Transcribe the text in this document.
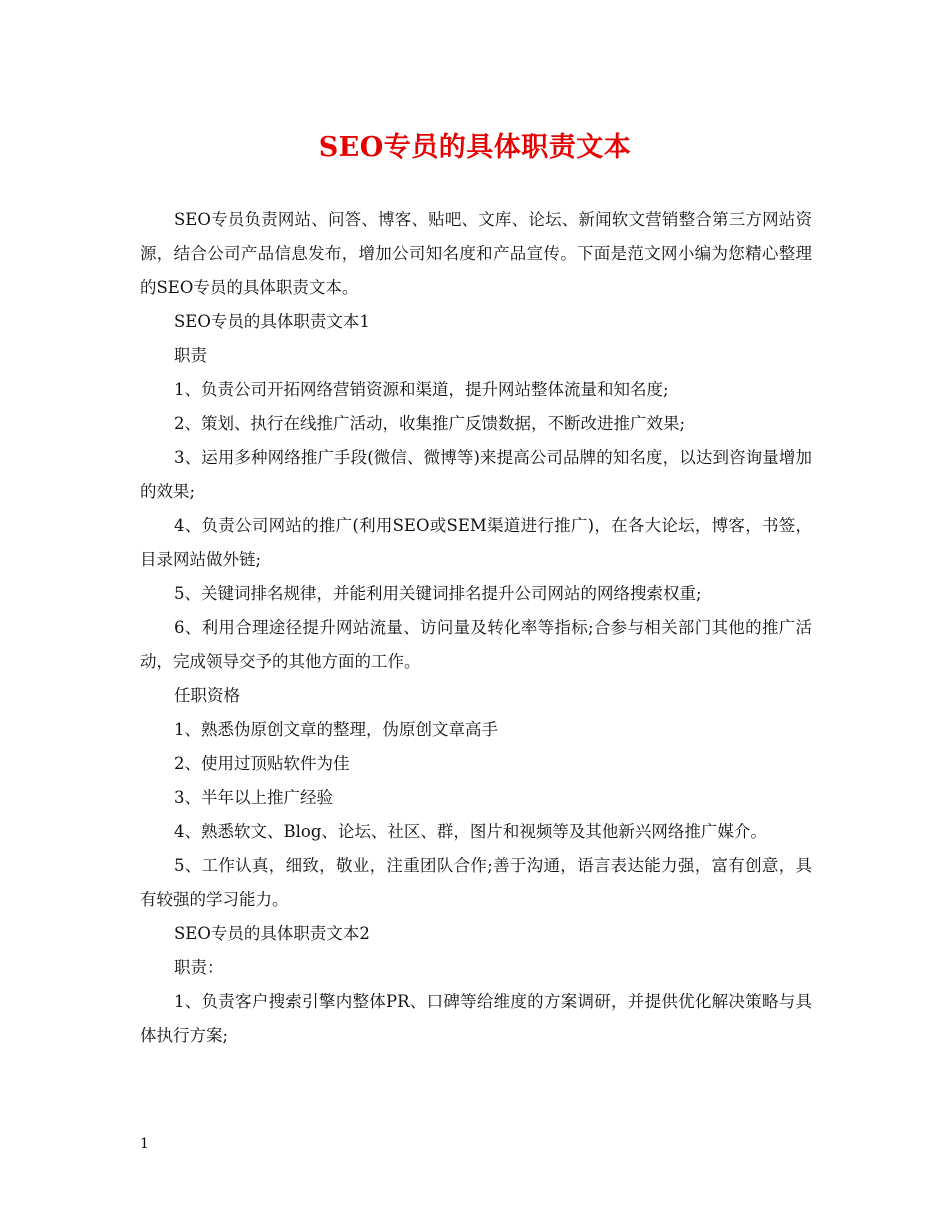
SEO专员的具体职责文本

SEO专员负责网站、问答、博客、贴吧、文库、论坛、新闻软文营销整合第三方网站资源，结合公司产品信息发布，增加公司知名度和产品宣传。下面是范文网小编为您精心整理的SEO专员的具体职责文本。

SEO专员的具体职责文本1

职责

1、负责公司开拓网络营销资源和渠道，提升网站整体流量和知名度;

2、策划、执行在线推广活动，收集推广反馈数据，不断改进推广效果;

3、运用多种网络推广手段(微信、微博等)来提高公司品牌的知名度，以达到咨询量增加的效果;

4、负责公司网站的推广(利用SEO或SEM渠道进行推广)，在各大论坛，博客，书签，目录网站做外链;

5、关键词排名规律，并能利用关键词排名提升公司网站的网络搜索权重;

6、利用合理途径提升网站流量、访问量及转化率等指标;合参与相关部门其他的推广活动，完成领导交予的其他方面的工作。

任职资格

1、熟悉伪原创文章的整理，伪原创文章高手

2、使用过顶贴软件为佳

3、半年以上推广经验

4、熟悉软文、Blog、论坛、社区、群，图片和视频等及其他新兴网络推广媒介。

5、工作认真，细致，敬业，注重团队合作;善于沟通，语言表达能力强，富有创意，具有较强的学习能力。

SEO专员的具体职责文本2

职责：

1、负责客户搜索引擎内整体PR、口碑等给维度的方案调研，并提供优化解决策略与具体执行方案;

1
